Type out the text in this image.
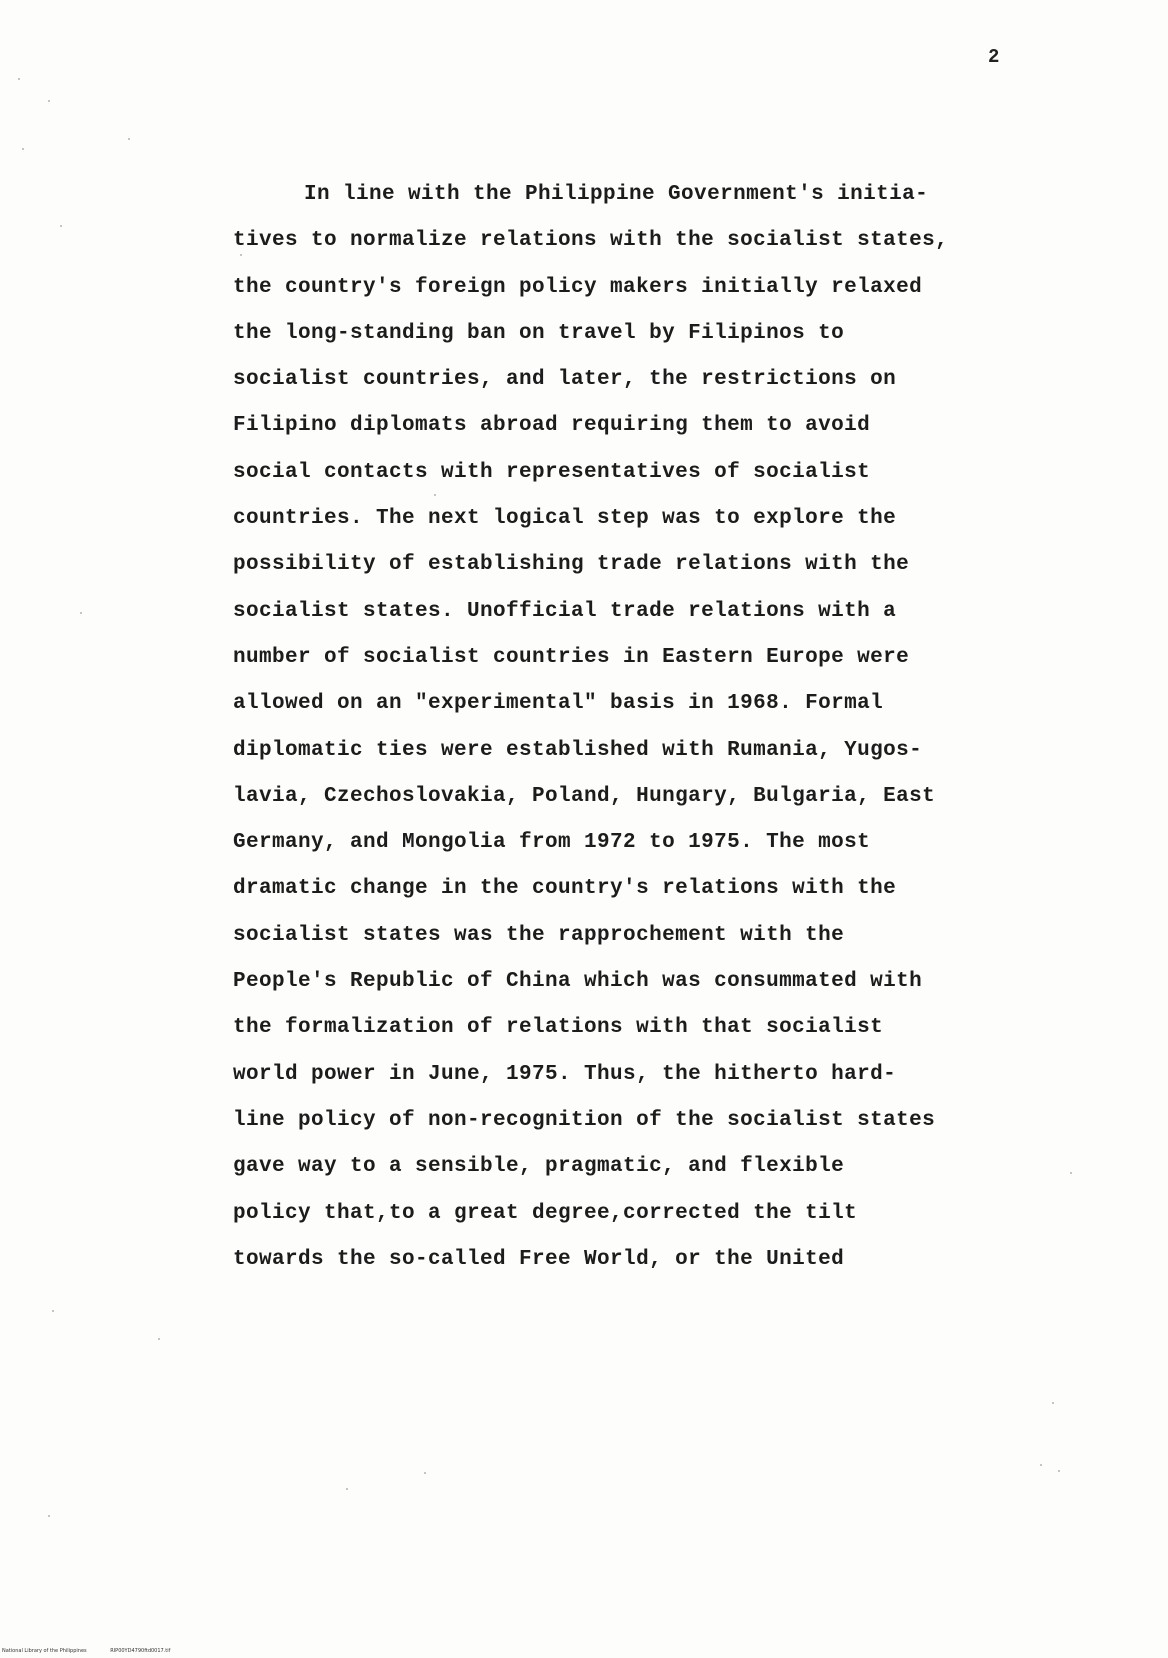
2
In line with the Philippine Government's initia-
tives to normalize relations with the socialist states,
the country's foreign policy makers initially relaxed
the long-standing ban on travel by Filipinos to
socialist countries, and later, the restrictions on
Filipino diplomats abroad requiring them to avoid
social contacts with representatives of socialist
countries. The next logical step was to explore the
possibility of establishing trade relations with the
socialist states. Unofficial trade relations with a
number of socialist countries in Eastern Europe were
allowed on an "experimental" basis in 1968. Formal
diplomatic ties were established with Rumania, Yugos-
lavia, Czechoslovakia, Poland, Hungary, Bulgaria, East
Germany, and Mongolia from 1972 to 1975. The most
dramatic change in the country's relations with the
socialist states was the rapprochement with the
People's Republic of China which was consummated with
the formalization of relations with that socialist
world power in June, 1975. Thus, the hitherto hard-
line policy of non-recognition of the socialist states
gave way to a sensible, pragmatic, and flexible
policy that,to a great degree,corrected the tilt
towards the so-called Free World, or the United
National Library of the Philippines	RIP00YD4790ftd0017.tif
